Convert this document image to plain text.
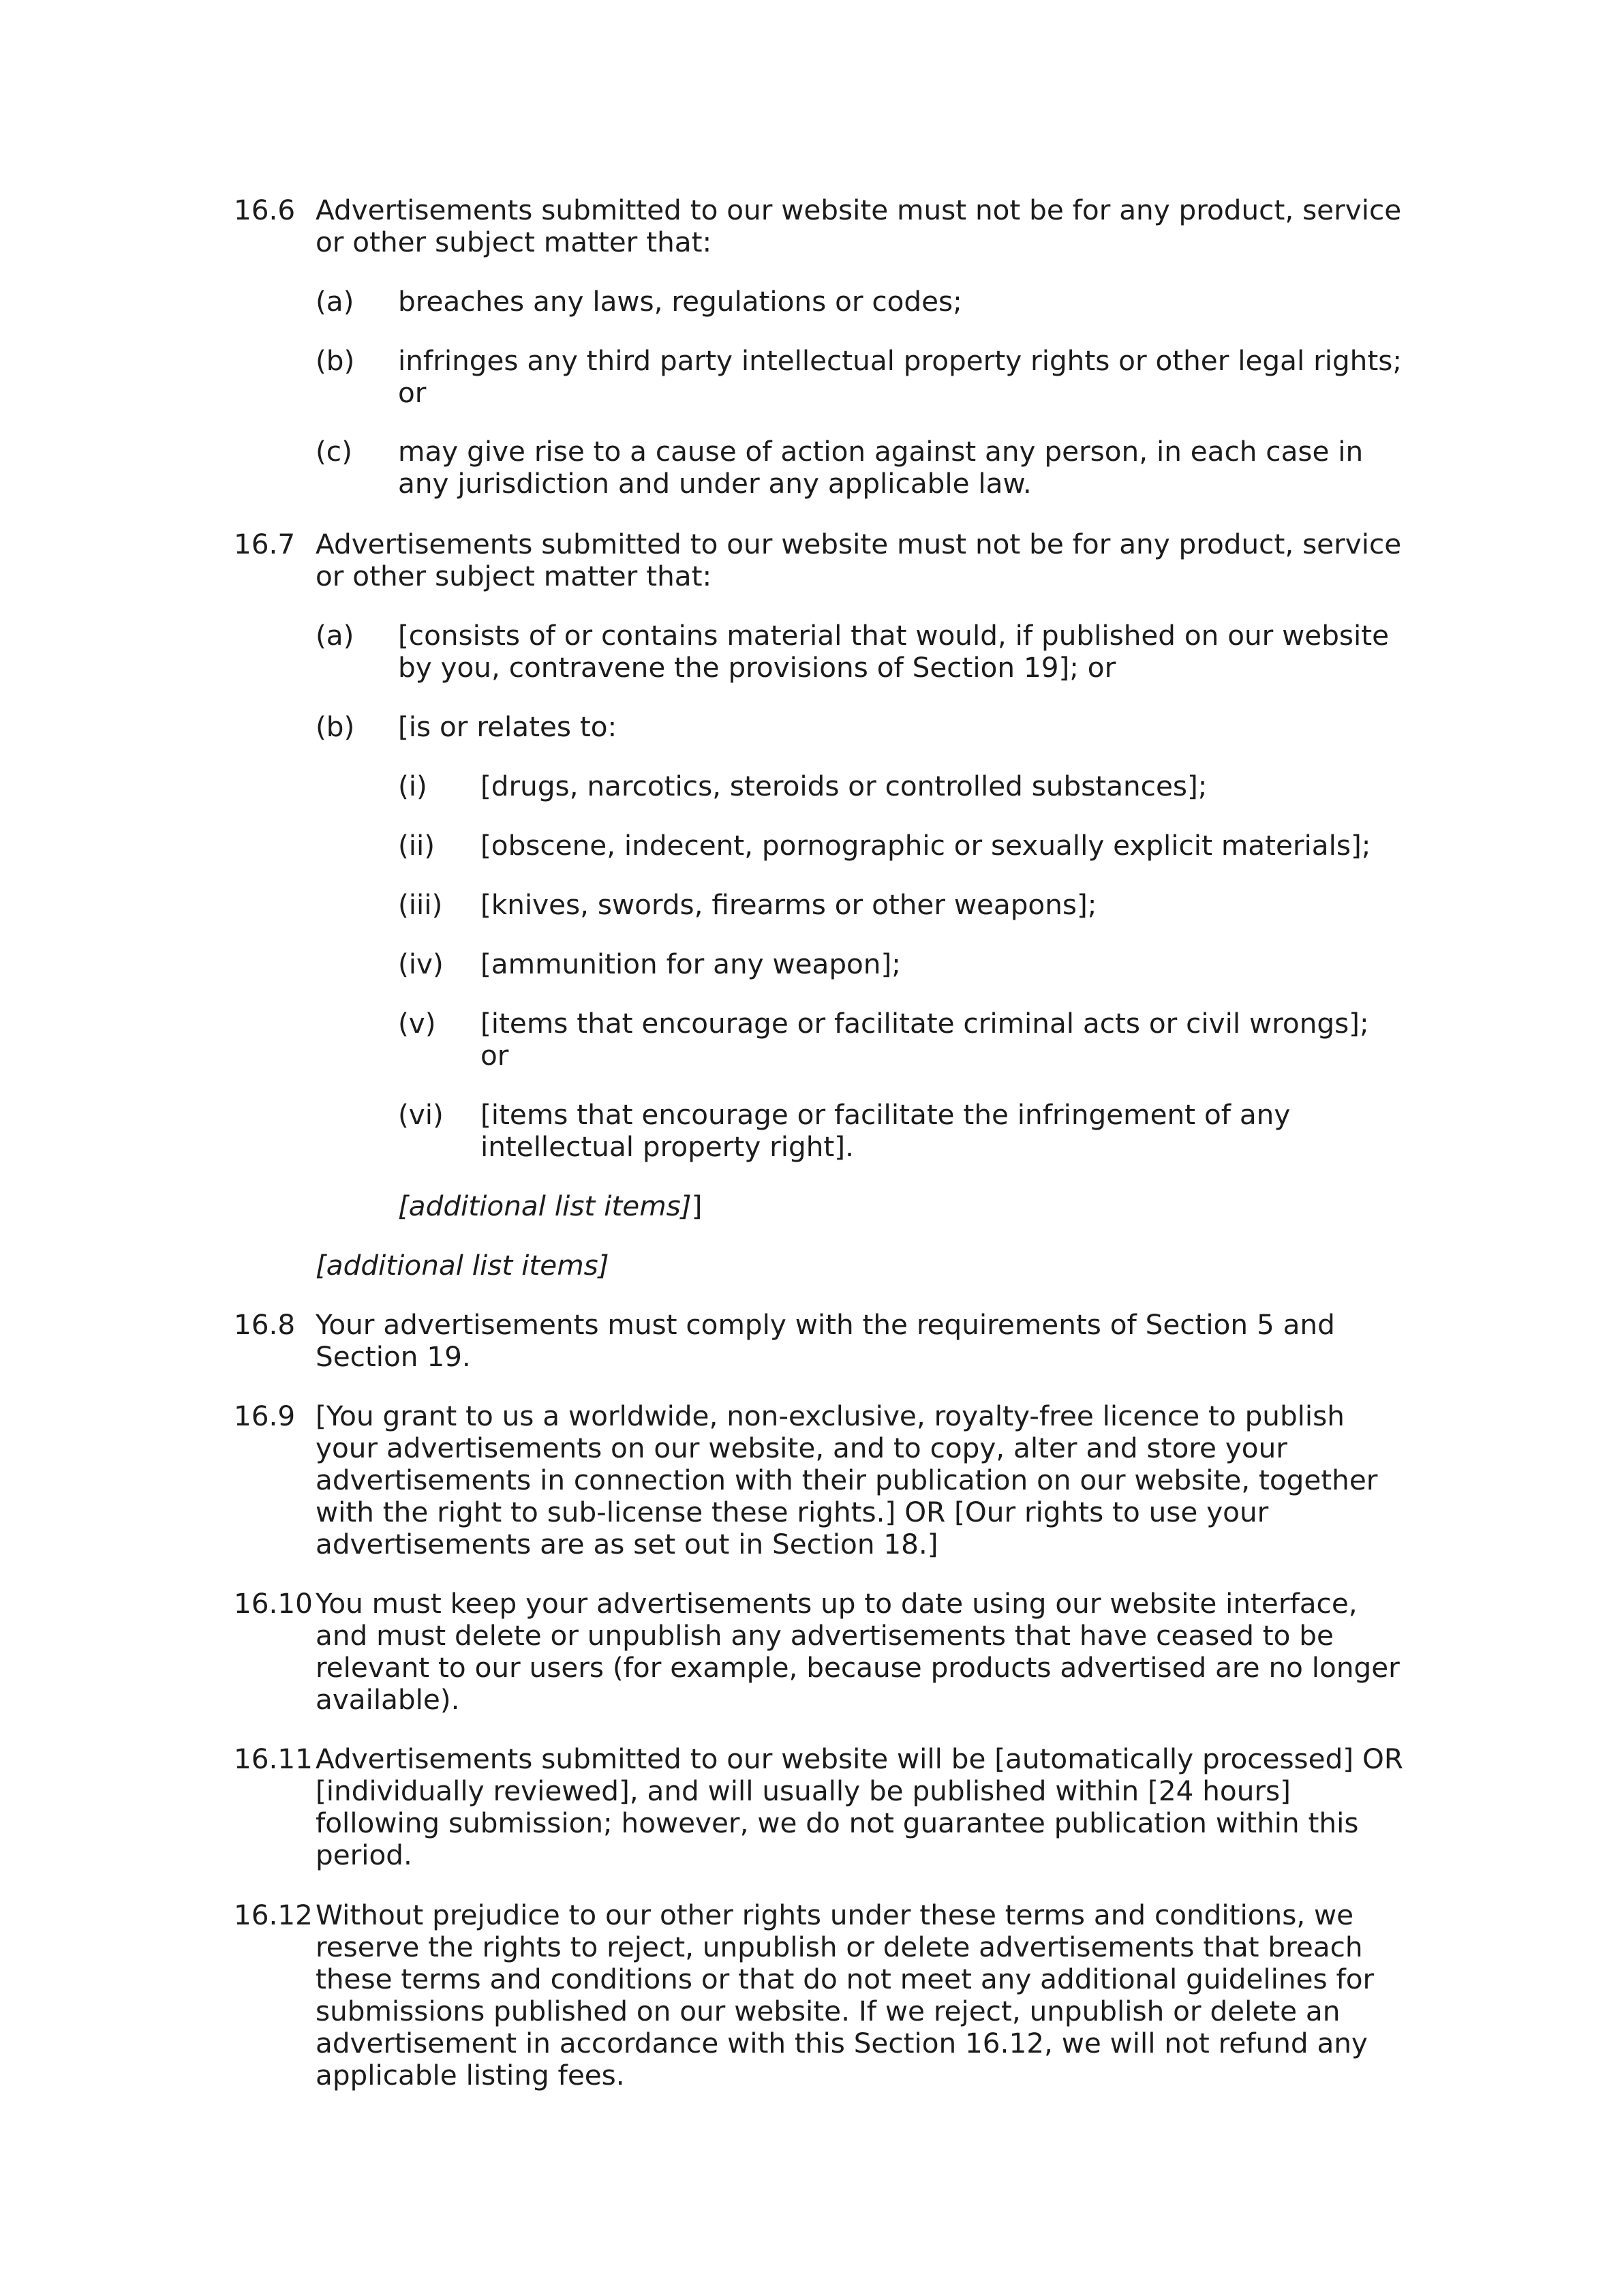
16.6 Advertisements submitted to our website must not be for any product, service
or other subject matter that:
(a) breaches any laws, regulations or codes;
(b) infringes any third party intellectual property rights or other legal rights;
or
(c) may give rise to a cause of action against any person, in each case in
any jurisdiction and under any applicable law.
16.7 Advertisements submitted to our website must not be for any product, service
or other subject matter that:
(a) [consists of or contains material that would, if published on our website
by you, contravene the provisions of Section 19]; or
(b) [is or relates to:
(i) [drugs, narcotics, steroids or controlled substances];
(ii) [obscene, indecent, pornographic or sexually explicit materials];
(iii) [knives, swords, firearms or other weapons];
(iv) [ammunition for any weapon];
(v) [items that encourage or facilitate criminal acts or civil wrongs];
or
(vi) [items that encourage or facilitate the infringement of any
intellectual property right].
[additional list items]]
[additional list items]
16.8 Your advertisements must comply with the requirements of Section 5 and
Section 19.
16.9 [You grant to us a worldwide, non-exclusive, royalty-free licence to publish
your advertisements on our website, and to copy, alter and store your
advertisements in connection with their publication on our website, together
with the right to sub-license these rights.] OR [Our rights to use your
advertisements are as set out in Section 18.]
16.10 You must keep your advertisements up to date using our website interface,
and must delete or unpublish any advertisements that have ceased to be
relevant to our users (for example, because products advertised are no longer
available).
16.11 Advertisements submitted to our website will be [automatically processed] OR
[individually reviewed], and will usually be published within [24 hours]
following submission; however, we do not guarantee publication within this
period.
16.12 Without prejudice to our other rights under these terms and conditions, we
reserve the rights to reject, unpublish or delete advertisements that breach
these terms and conditions or that do not meet any additional guidelines for
submissions published on our website. If we reject, unpublish or delete an
advertisement in accordance with this Section 16.12, we will not refund any
applicable listing fees.
